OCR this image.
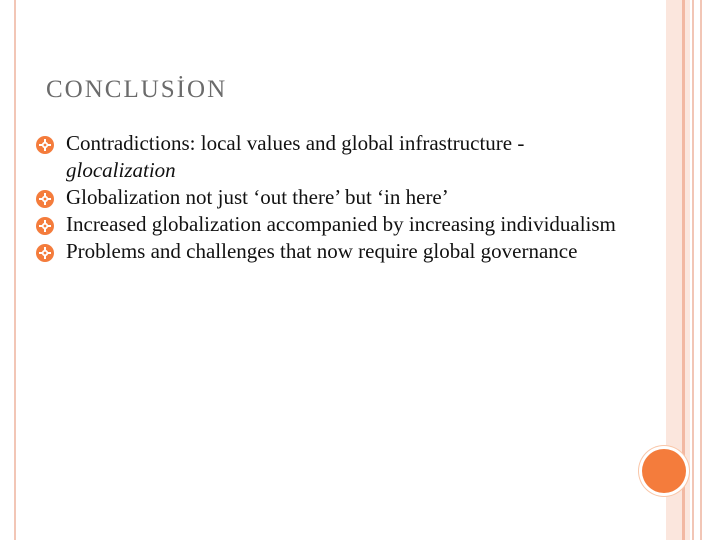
CONCLUSİON
Contradictions: local values and global infrastructure - glocalization
Globalization not just ‘out there’ but ‘in here’
Increased globalization accompanied by increasing individualism
Problems and challenges that now require global governance
